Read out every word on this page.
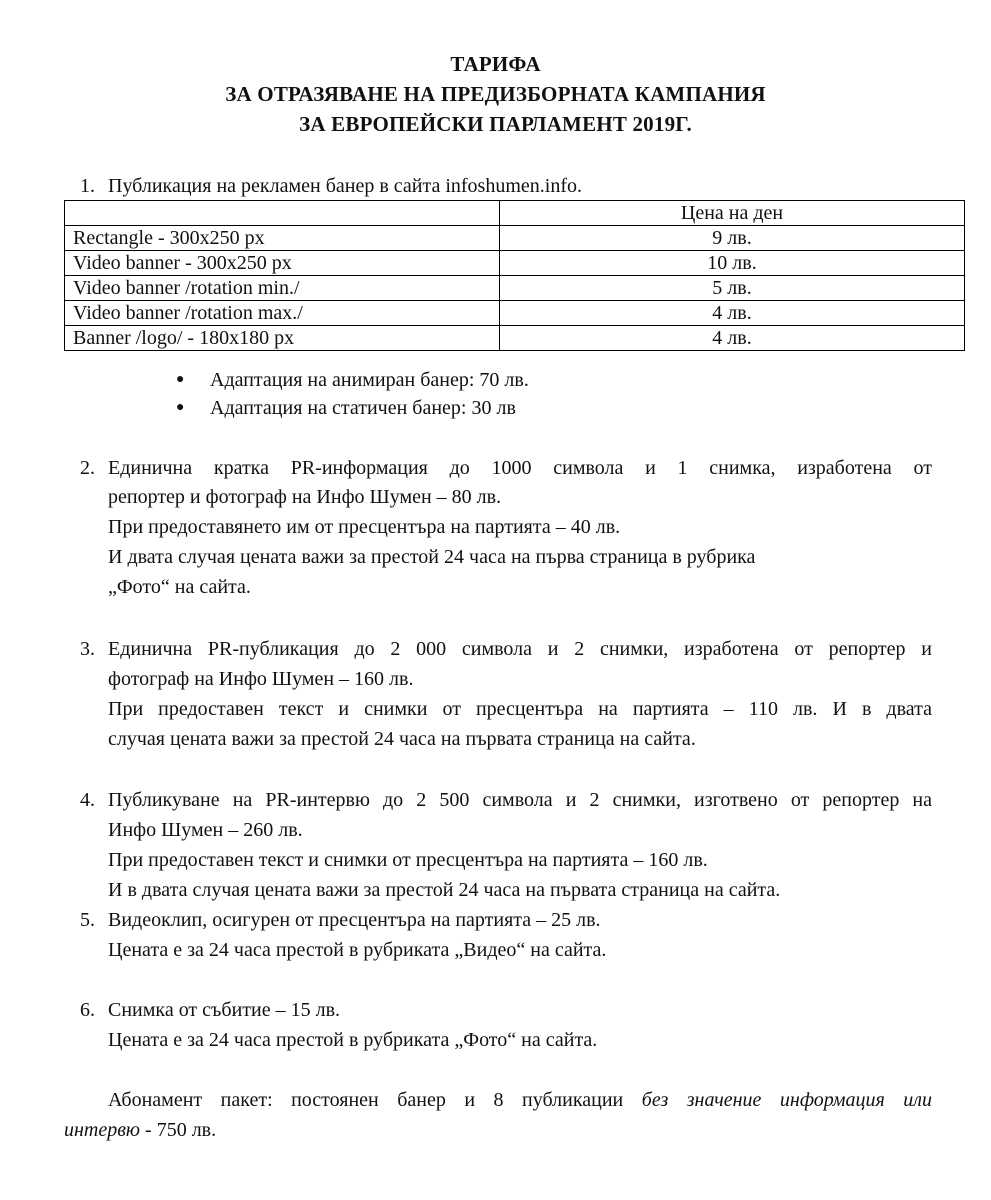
ТАРИФА
ЗА ОТРАЗЯВАНЕ НА ПРЕДИЗБОРНАТА КАМПАНИЯ
ЗА ЕВРОПЕЙСКИ ПАРЛАМЕНТ 2019Г.
1. Публикация на рекламен банер в сайта infoshumen.info.
	Цена на ден
Rectangle - 300x250 px	9 лв.
Video banner - 300x250 px	10 лв.
Video banner /rotation min./	5 лв.
Video banner /rotation max./	4 лв.
Banner /logo/ - 180x180 px	4 лв.
● Адаптация на анимиран банер: 70 лв.
● Адаптация на статичен банер: 30 лв
2. Единична кратка PR-информация до 1000 символа и 1 снимка, изработена от
репортер и фотограф на Инфо Шумен – 80 лв.
При предоставянето им от пресцентъра на партията – 40 лв.
И двата случая цената важи за престой 24 часа на първа страница в рубрика
„Фото“ на сайта.
3. Единична PR-публикация до 2 000 символа и 2 снимки, изработена от репортер и
фотограф на Инфо Шумен – 160 лв.
При предоставен текст и снимки от пресцентъра на партията – 110 лв. И в двата
случая цената важи за престой 24 часа на първата страница на сайта.
4. Публикуване на PR-интервю до 2 500 символа и 2 снимки, изготвено от репортер на
Инфо Шумен – 260 лв.
При предоставен текст и снимки от пресцентъра на партията – 160 лв.
И в двата случая цената важи за престой 24 часа на първата страница на сайта.
5. Видеоклип, осигурен от пресцентъра на партията – 25 лв.
Цената е за 24 часа престой в рубриката „Видео“ на сайта.
6. Снимка от събитие – 15 лв.
Цената е за 24 часа престой в рубриката „Фото“ на сайта.
Абонамент пакет: постоянен банер и 8 публикации без значение информация или
интервю - 750 лв.
